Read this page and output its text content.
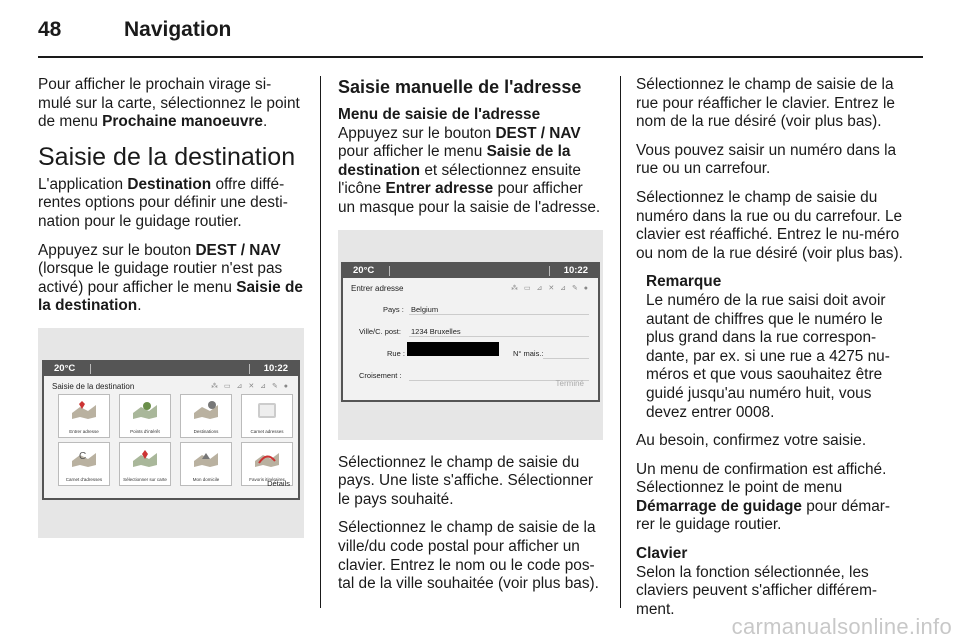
48	Navigation

Pour afficher le prochain virage si-mulé sur la carte, sélectionnez le point de menu Prochaine manoeuvre.

Saisie de la destination

L'application Destination offre diffé-rentes options pour définir une desti-nation pour le guidage routier.

Appuyez sur le bouton DEST / NAV (lorsque le guidage routier n'est pas activé) pour afficher le menu Saisie de la destination.

20°C	10:22
Saisie de la destination	⁂ ▭ ⊿ ✕ ⊿ ✎ ●
Entrer adresse	Points d'intérêt	Destinations	Carnet adresses
C
Carnet d'adresses	Sélectionner sur carte	Mon domicile	Favoris itinéraires
Détails
Saisie manuelle de l'adresse
Menu de saisie de l'adresse

Appuyez sur le bouton DEST / NAV pour afficher le menu Saisie de la destination et sélectionnez ensuite l'icône Entrer adresse pour afficher un masque pour la saisie de l'adresse.

20°C	10:22
Entrer adresse	⁂ ▭ ⊿ ✕ ⊿ ✎ ●
Pays : Belgium
Ville/C. post: 1234 Bruxelles
Rue :	N° mais.:
Croisement :
Terminé

Sélectionnez le champ de saisie du pays. Une liste s'affiche. Sélectionner le pays souhaité.

Sélectionnez le champ de saisie de la ville/du code postal pour afficher un clavier. Entrez le nom ou le code pos-tal de la ville souhaitée (voir plus bas).

Sélectionnez le champ de saisie de la rue pour réafficher le clavier. Entrez le nom de la rue désiré (voir plus bas).

Vous pouvez saisir un numéro dans la rue ou un carrefour.

Sélectionnez le champ de saisie du numéro dans la rue ou du carrefour. Le clavier est réaffiché. Entrez le nu-méro ou nom de la rue désiré (voir plus bas).

Remarque
Le numéro de la rue saisi doit avoir autant de chiffres que le numéro le plus grand dans la rue correspon-dante, par ex. si une rue a 4275 nu-méros et que vous saouhaitez être guidé jusqu'au numéro huit, vous devez entrer 0008.

Au besoin, confirmez votre saisie.

Un menu de confirmation est affiché. Sélectionnez le point de menu Démarrage de guidage pour démar-rer le guidage routier.

Clavier

Selon la fonction sélectionnée, les claviers peuvent s'afficher différem-ment.

carmanualsonline.info
